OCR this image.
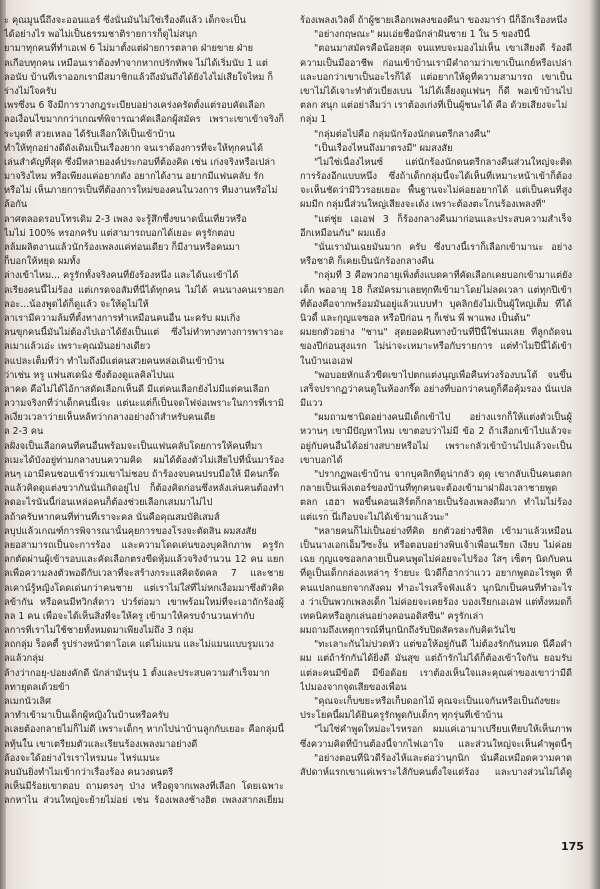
ะ คุณมูนนี้ถึงจะออนแอร์ ซึ่งนั่นมันไม่ใช่เรื่องดีแล้ว เด็กจะเป็น

ได้อย่างไร พอไม่เป็นธรรมชาติรายการก็ดูไม่สนุก

ยามาทุกคนที่ทำเอเฟ 6 ไม่มาตั้งแต่ฝ่ายการตลาด ฝ่ายขาย ฝ่าย

ลเกือบทุกคน เหมือนเราต้องทำจากหากปรักทัพจ ไม่ได้เริ่มนับ 1 แต่

ลอนับ บ้านที่เราออกเรามีสมาชิกแล้วถึงมันถึงได้ยังไงไม่เสียใจไหม ก็

ร่างไม่ใจครับ

เพรซึ่งน 6 จึงมีการวางกฎระเบียบอย่างเคร่งครัดตั้งแต่รอบคัดเลือก

ลอเงื่อนไขมากกว่าเกณฑ์พิจารณาคัดเลือกผู้สมัคร เพราะเขาเข้าจริงก็

ระบุดที่ สวยเหลอ ได้รับเลือกให้เป็นเข้าบ้าน

ทำให้ทุกอย่างดีดังเดิมเป็นเรื่องยาก จนเราต้องการที่จะให้ทุกคนได้

เล่นสำคัญที่สุด ซึ่งมีหลายองค์ประกอบที่ต้องคิด เช่น เก่งจริงหรือเปล่า

มาจริงไหม หรือเพียงแค่อยากดัง อยากได้งาน อยากมีแฟนคลับ รัก

หรือไม่ เห็นภายการเป็นที่ต้องการใหม่ของคนในวงการ ทีมงานหรือไม่

ล้อกัน

ลาศตลอดรอบโทรเดิม 2-3 เพลง จะรู้สึกซึ้งขนาดนั้นเที่ยวหรือ

ไมไม่ 100% หรอกครับ แต่สามารถบอกได้เยอะ ครูรักตอบ

ลล้มผลิตงานแล้วนักร้องเพลงแค่ท่อนเดียว ก็มีงานหรือคนมา

ก็บอกให้หยุด ผมทั้ง

ล่างเข้าไหม... ครูรักทั้งจริงคนที่ยังร้องหนึ่ง และได้นะเข้าได้

ลเรียงคนนี้ไม่ร้อง แต่เกรดจอสัมที่นี่ได้ทุกคน ไม่ได้ คนนางคนเรายอก

ลอะ...น้องพูดได้ก็ดูแล้ว จะให้ดูไม่ให้

ลาเรามีความล้มที่ตั้งทางการทำเหมือนคนอื่น นะครับ ผมเกิ่ง

ลนขุกคนนี้มันไม่ต้องไปเอาได้ยังเป็นแต่ ซึ่งไม่ทำทางทางการพาราอะ

ลเมาแล้วเอ่ะ เพราะคุณมันอย่างเดียว

ลแปละเต็มที่ว่า ทำไมถึงมีแต่คนสวยคนหล่อเดินเข้าบ้าน

ว่าเช่น หรู แฟนสเดนิ่ง ซึ่งต้องดูแลคิลไปนแ

ลาคด คือไม่ได้ไอ้กาสดัดเลือกเห็นดี มีแต่คนเลือกยังไม่มีแต่คนเลือก

ลวามจริงกที่ว่าเด็กคนนี้เจะ แต่นะแต่ก็เป็นจดโฟจ่อเพราะในการที่เรามิ

ลเงี่ยวเวลาว่ายเห็นหล้ทว่ากลางอย่างถ้าสำหรับคนเดีย

ล 2-3 คน

ลฝั่งจเป็นเลือกคนที่คนอื่นพร้อมจะเป็นแฟนคลับโดยการให้คนที่มา

ลเมะได้บังอยู่ท่ามกลางบนความคิด ผมได้ต้องตัวไม่เสียไปที่นั้นมาร้อง

ลนๆ เอามีคนชอบเข้าร่วมเขาไม่ชอบ ถ้าร้องจบคนปรบมือให้ มีคนกรี๊ด

ลแล้วคิดดูแต่งขวากันนั่นเกิดอยู่ไป ก็ต้องคิดก่อนซึ่งหลังเล่นคนต้องทำ

ลดอะไรนันนี้ก่อนเหล่อคนก็ต้องช่วยเลือกเสมมาไม่ไป

ลถ้าครับหากคนที่ท่านที่เราจะคล นั่นคือคุณสมบัติเสมส์

ลบุปแล้วเกณฑ์การพิจารณานั้นคุยการของโรงจะตัดสิน ผมสงสัย

ลยอสามารถเป็นจะการร้อง และความโดดเด่นของบุคลิกภาพ ครูรัก

ลกตัดผ่านผู้เข้ารอบและคัดเลือกตรงขีดหุ้มแล้วจริงจำนวน 12 คน แยก

ลเพื่อความลงตัวพอดีกับเวลาที่จะสร้างกระแสคิดจัดคล 7 และชาย

ลเคาน์รู้หญิงโดดเด่นกว่าคนชาย แต่เราไม่ใส่ที่ไม่หกเงื่อมมาซึ่งตัวคิด

ลข้ากัน หรือคนมีทวิกส์ดาว ปวร์ต่อมา เขาพร้อมใหม่ที่จะเอาถักร้องผู้

ลล 1 คน เพื่อจะได้เห็นสิ่งที่จะให้ครู เข้ามาให้ครบจำนวนเท่ากับ

ลการที่เราไม่ใช้ชายทั้งหมดมาเพียงไม่ถึง 3 กลุ่ม

ลถกลุ่ม ร็อคตี้ รูปร่างหน้าตาโอเค แต่ไม่แมน และไม่แมนแบบรูมแวง

ลแล้วกลุ่ม

ล้างว่ากอยุ-ปอยงคักดี นักล่ามันรุ่น 1 ตั้งและประสบความสำเร็จมาก

ลทายุดลเด้วยข้า

ลเมกนัวเลิศ

ลาทำเข้ามาเป็นเด็กผู้หญิงในบ้านหรือครับ

ลเลยต้องกลายไม่ก็ไม่ดี เพราะเด็กๆ หากไปน่าบ้านลูกกับเยอะ คือกลุ่มนี้

ลทุ้นใ้น เขาเตรียมตัวและเรียนร้องเพลงมาอย่างดี

ล้องจะใด้อย่างไรเราไหรมนะ ไหร่แมนะ

ลบมันยิ่งทำไมเข้ากว่าเรื่องร้อง คนวงดนตรี

ลเห็นมีร้อยเขาตอบ ถามตรงๆ ป่าง หรือดูจากเพลงที่เลือก โดยเฉพาะ

ลกหาไน ส่วนใหญ่จะย้ายไม่อย่ เช่น ร้องเพลงช้างฮิต เพลงสากลเยี่ยม

ร้องเพลงเวิลดิ์ ถ้าผู้ชายเลือกเพลงของดีนา ของมาร่า นี่ก็อีกเรื่องหนึ่ง

"อย่างกฤษณะ" ผมเอ่ยชื่อนักล่าฝันชาย 1 ใน 5 ของปีนี้

"ตอนมาสมัครคือน้อยสุด จนแทบจะมองไม่เห็น เขาเสียงดี ร้องดี

ความเป็นมืออาชีพ ก่อนเข้าบ้านเรามีคำถามว่าเขาเป็นเกย์หรือเปล่า

และบอกว่าเขาเป็นอะไรก็ได้ แต่อยากให้ดูที่ความสามารถ เขาเป็น

เขาไม่ได้เจาะทำตัวเบี่ยงเบน ไม่ได้เลี้ยงดูแฟนๆ ก็ดี พอเข้าบ้านไป

ตลก สนุก แต่อย่าลืมว่า เราต้องเก่งที่เป็นผู้ชนะได้ คือ ด้วยเสียงจะไม่

กลุ่ม 1

"กลุ่มต่อไปคือ กลุ่มนักร้องนักดนตรีกลางคืน"

"เป็นเรื่องไหนถึงมาตรงมี" ผมสงสัย

"ไม่ใช่เนื่องไหนซ์ แต่นักร้องนักดนตรีกลางคืนส่วนใหญ่จะติด

การร้องอีกแบบหนึ่ง ซึ่งถ้าเด็กกลุ่มนี้จะได้เห็นที่เหมาะหน้าเข้าก็ต้อง

จะเห็นชัดว่ามีวิวรอยเยอะ พื้นฐานจะไม่ค่อยอยากได้ แต่เป็นคนที่สูง

ผมมีก กลุ่มนี้ส่วนใหญ่เสียงจะเด้ง เพราะต้องตะโกนร้องเพลงที่"

"แต่ชุ่ย เอเอฟ 3 ก็ร้องกลางคืนมาก่อนและประสบความสำเร็จ

อีกเหมือนกัน" ผมแย้ง

"นั่นเรามันเฉยมันมาก ครับ ซึ่งบางนี้เราก็เลือกเข้ามานะ อย่าง

หรือชาติ ก็เคยเป็นนักร้องกลางคืน

"กลุ่มที่ 3 คือพวกอายุเพิ่งตั้งแบดคาที่คัดเลือกเคยบอกเข้ามาแต่ยัง

เด็ก พออายุ 18 ก็สมัครมาเลยทุกทีเข้ามาโดยไม่ลดเวลา แต่ทุกปีเข้า

ที่ต้องคือจากพร้อมมันอยู่แล้วแบบทำ บุคลิกยังไม่เป็นผู้ใหญ่เต็ม ที่ได้

นิวดี้ และกุญแจซอล หรือปีก่อน ๆ ก็เช่น พี่ พาแพง เป็นต้น"

ผมยกตัวอย่าง "ชาน" สุดยอดฝันทางบ้านที่ปีนี้ใช่นมเลย ที่ลูกถัดจน

ของปีก่อนสูงแรก ไม่น่าจะเหมาะหรือกับรายการ แต่ทำไมปีนี้ได้เข้า

ในบ้านเอเอฟ

"พอบอยหักแล้วขีดเขาไปตกแต่งนุญเพื่อคืนท่วงร้องบนโต้ จนขึ้น

เสร็จปรากฏว่าคนดูในห้องกรี๊ด อย่างที่บอกว่าคนดูก็คือคุ้มรอง นั่นเปล

มีแวว

"ผมถามชานิดอย่างคนมีเด็กเข้าไป อย่างแรกก็ให้แต่งตัวเป็นผู้

หวานๆ เขามีปัญหาไหม เขาตอบว่าไม่มี ข้อ 2 ถ้าเลือกเข้าไปแล้วจะ

อยู่กับคนอื่นได้อย่างสบายหรือไม่ เพราะกลัวเข้าบ้านไปแล้วจะเป็น

เขาบอกได้

"ปรากฏพอเข้าบ้าน จากบุคลิกที่ดูน่ากลัว ดุดุ เขากลับเป็นคนตลก

กลายเป็นเพิ่งเตอร์ของบ้านที่ทุกคนจะต้องเข้ามาฝาฝั่งเวลาชายพูด

ตลก เฮฮา พอขึ้นคอนเสิร์ตก็กลายเป็นร้องเพลงดีมาก ทำไมไม่ร้อง

แต่แรก นี่เกือบจะไม่ได้เข้ามาแล้วนะ"

"หลายคนก็ไม่เป็นอย่างที่คิด ยกตัวอย่างซีลิต เข้ามาแล้วเหมือน

เป็นนางเอกเอ็มวีซะงั้น หรือตอบอย่างพิบเจ้าเพื่อนเรียก เงียบ ไม่ค่อย

เฉย กุญแจซอลกลายเป็นคนพูดไม่ค่อยจะไปร้อง ใสๆ เซ็ตๆ นิดกับคน

ที่ดูเป็นเด็กกล่องเหล่าๆ ร้ายบะ นิวดีก็ฮากว่าแวว อยากพูดอะไรพูด ที่

คนแปลกแยกจากสังคม ทำอะไรเสร็จฟังแล้ว นุกนิกเป็นคนที่ทำอะไร

ง ว่าเป็นพวกเพลงเด็ก ไม่ค่อยจะเคยร้อง บองเรียกเอเอฟ แต่ทั้งหมดก็

เทคนิคหรือลูกเล่นอย่างคอนอดิสซีน" ครูรักเล่า

ผมถามถึงเหตุการณ์ที่นุกนิกถึงรับปิดสัครละกับคิดวันไข

"ทะเลาะกันไม่ปวดหัว แต่ขอให้อยู่กันดี ไม่ต้องรักกันหมด นี่คือคำ

ผม แต่ถ้ารักกันได้ยิ่งดี มันสุข แต่ถ้ารักไม่ได้ก็ต้องเข้าใจกัน ยอมรับ

แต่ละคนมีข้อดี มีข้อด้อย เราต้องเห็นใจและคุณค่าของเขาว่ามีดี

ไปมองจากจุดเสียของเพื่อน

"คุณจะเก็บขยะหรือเก็บดอกไม้ คุณจะเป็นแจกันหรือเป็นถังขยะ

ประโยคนี้ผมได้ยินครูรักพูดกับเด็กๆ ทุกรุ่นที่เข้าบ้าน

"ไม่ใช่คำพูดใหม่อะไรหรอก ผมแค่เอามาเปรียบเทียบให้เห็นภาพ

ซึ่งความคิดที่บ้านต้องนี้จากไฟเอาใจ และส่วนใหญ่จะเห็นคำพูดนี้ๆ

"อย่างตอนที่นิวดีร้องไห้และต่อว่านุกนิก นั่นคือเหมือดความคาด

สัปดาห์แรกเขาแค่เพราะไส้กับคนตั้งใจแต่ร้อง และบางส่วนไม่ได้ดู

175
